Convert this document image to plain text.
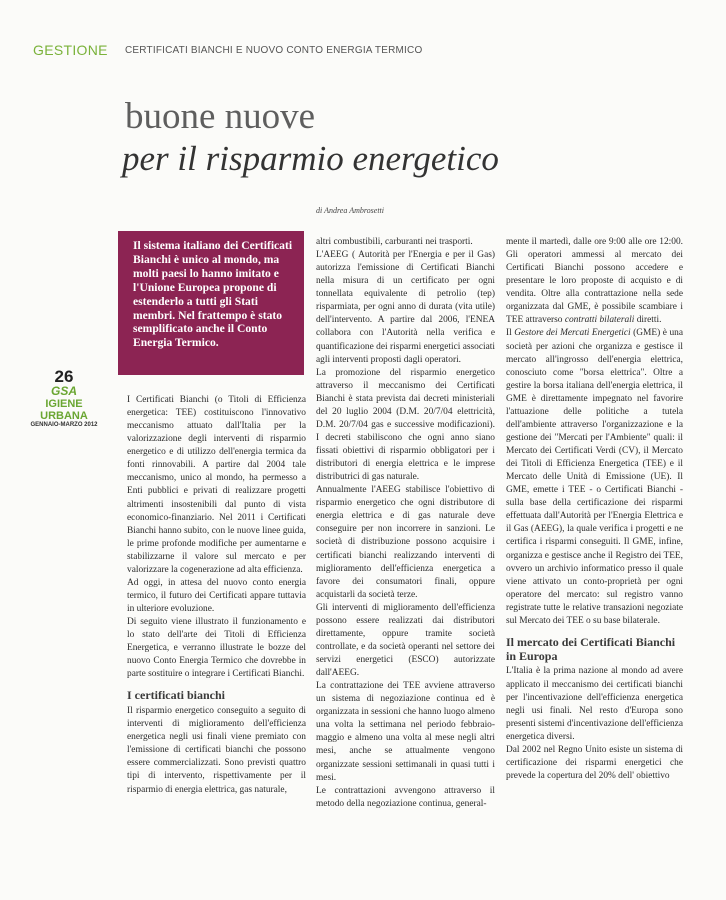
GESTIONE CERTIFICATI BIANCHI E NUOVO CONTO ENERGIA TERMICO
buone nuove
per il risparmio energetico
di Andrea Ambrosetti

Il sistema italiano dei Certificati Bianchi è unico al mondo, ma molti paesi lo hanno imitato e l'Unione Europea propone di estenderlo a tutti gli Stati membri. Nel frattempo è stato semplificato anche il Conto Energia Termico.

26
GSA
IGIENE URBANA
GENNAIO-MARZO 2012

I Certificati Bianchi (o Titoli di Efficienza energetica: TEE) costituiscono l'innovativo meccanismo attuato dall'Italia per la valorizzazione degli interventi di risparmio energetico e di utilizzo dell'energia termica da fonti rinnovabili. A partire dal 2004 tale meccanismo, unico al mondo, ha permesso a Enti pubblici e privati di realizzare progetti altrimenti insostenibili dal punto di vista economico-finanziario. Nel 2011 i Certificati Bianchi hanno subito, con le nuove linee guida, le prime profonde modifiche per aumentarne e stabilizzarne il valore sul mercato e per valorizzare la cogenerazione ad alta efficienza.

Ad oggi, in attesa del nuovo conto energia termico, il futuro dei Certificati appare tuttavia in ulteriore evoluzione.

Di seguito viene illustrato il funzionamento e lo stato dell'arte dei Titoli di Efficienza Energetica, e verranno illustrate le bozze del nuovo Conto Energia Termico che dovrebbe in parte sostituire o integrare i Certificati Bianchi.

I certificati bianchi

Il risparmio energetico conseguito a seguito di interventi di miglioramento dell'efficienza energetica negli usi finali viene premiato con l'emissione di certificati bianchi che possono essere commercializzati. Sono previsti quattro tipi di intervento, rispettivamente per il risparmio di energia elettrica, gas naturale,

altri combustibili, carburanti nei trasporti.

L'AEEG ( Autorità per l'Energia e per il Gas) autorizza l'emissione di Certificati Bianchi nella misura di un certificato per ogni tonnellata equivalente di petrolio (tep) risparmiata, per ogni anno di durata (vita utile) dell'intervento. A partire dal 2006, l'ENEA collabora con l'Autorità nella verifica e quantificazione dei risparmi energetici associati agli interventi proposti dagli operatori.

La promozione del risparmio energetico attraverso il meccanismo dei Certificati Bianchi è stata prevista dai decreti ministeriali del 20 luglio 2004 (D.M. 20/7/04 elettricità, D.M. 20/7/04 gas e successive modificazioni). I decreti stabiliscono che ogni anno siano fissati obiettivi di risparmio obbligatori per i distributori di energia elettrica e le imprese distributrici di gas naturale.

Annualmente l'AEEG stabilisce l'obiettivo di risparmio energetico che ogni distributore di energia elettrica e di gas naturale deve conseguire per non incorrere in sanzioni. Le società di distribuzione possono acquisire i certificati bianchi realizzando interventi di miglioramento dell'efficienza energetica a favore dei consumatori finali, oppure acquistarli da società terze.

Gli interventi di miglioramento dell'efficienza possono essere realizzati dai distributori direttamente, oppure tramite società controllate, e da società operanti nel settore dei servizi energetici (ESCO) autorizzate dall'AEEG.

La contrattazione dei TEE avviene attraverso un sistema di negoziazione continua ed è organizzata in sessioni che hanno luogo almeno una volta la settimana nel periodo febbraio-maggio e almeno una volta al mese negli altri mesi, anche se attualmente vengono organizzate sessioni settimanali in quasi tutti i mesi.

Le contrattazioni avvengono attraverso il metodo della negoziazione continua, general-

mente il martedì, dalle ore 9:00 alle ore 12:00. Gli operatori ammessi al mercato dei Certificati Bianchi possono accedere e presentare le loro proposte di acquisto e di vendita. Oltre alla contrattazione nella sede organizzata dal GME, è possibile scambiare i TEE attraverso contratti bilaterali diretti.

Il Gestore dei Mercati Energetici (GME) è una società per azioni che organizza e gestisce il mercato all'ingrosso dell'energia elettrica, conosciuto come "borsa elettrica". Oltre a gestire la borsa italiana dell'energia elettrica, il GME è direttamente impegnato nel favorire l'attuazione delle politiche a tutela dell'ambiente attraverso l'organizzazione e la gestione dei "Mercati per l'Ambiente" quali: il Mercato dei Certificati Verdi (CV), il Mercato dei Titoli di Efficienza Energetica (TEE) e il Mercato delle Unità di Emissione (UE). Il GME, emette i TEE - o Certificati Bianchi - sulla base della certificazione dei risparmi effettuata dall'Autorità per l'Energia Elettrica e il Gas (AEEG), la quale verifica i progetti e ne certifica i risparmi conseguiti. Il GME, infine, organizza e gestisce anche il Registro dei TEE, ovvero un archivio informatico presso il quale viene attivato un conto-proprietà per ogni operatore del mercato: sul registro vanno registrate tutte le relative transazioni negoziate sul Mercato dei TEE o su base bilaterale.

Il mercato dei Certificati Bianchi in Europa

L'Italia è la prima nazione al mondo ad avere applicato il meccanismo dei certificati bianchi per l'incentivazione dell'efficienza energetica negli usi finali. Nel resto d'Europa sono presenti sistemi d'incentivazione dell'efficienza energetica diversi.

Dal 2002 nel Regno Unito esiste un sistema di certificazione dei risparmi energetici che prevede la copertura del 20% dell' obiettivo
